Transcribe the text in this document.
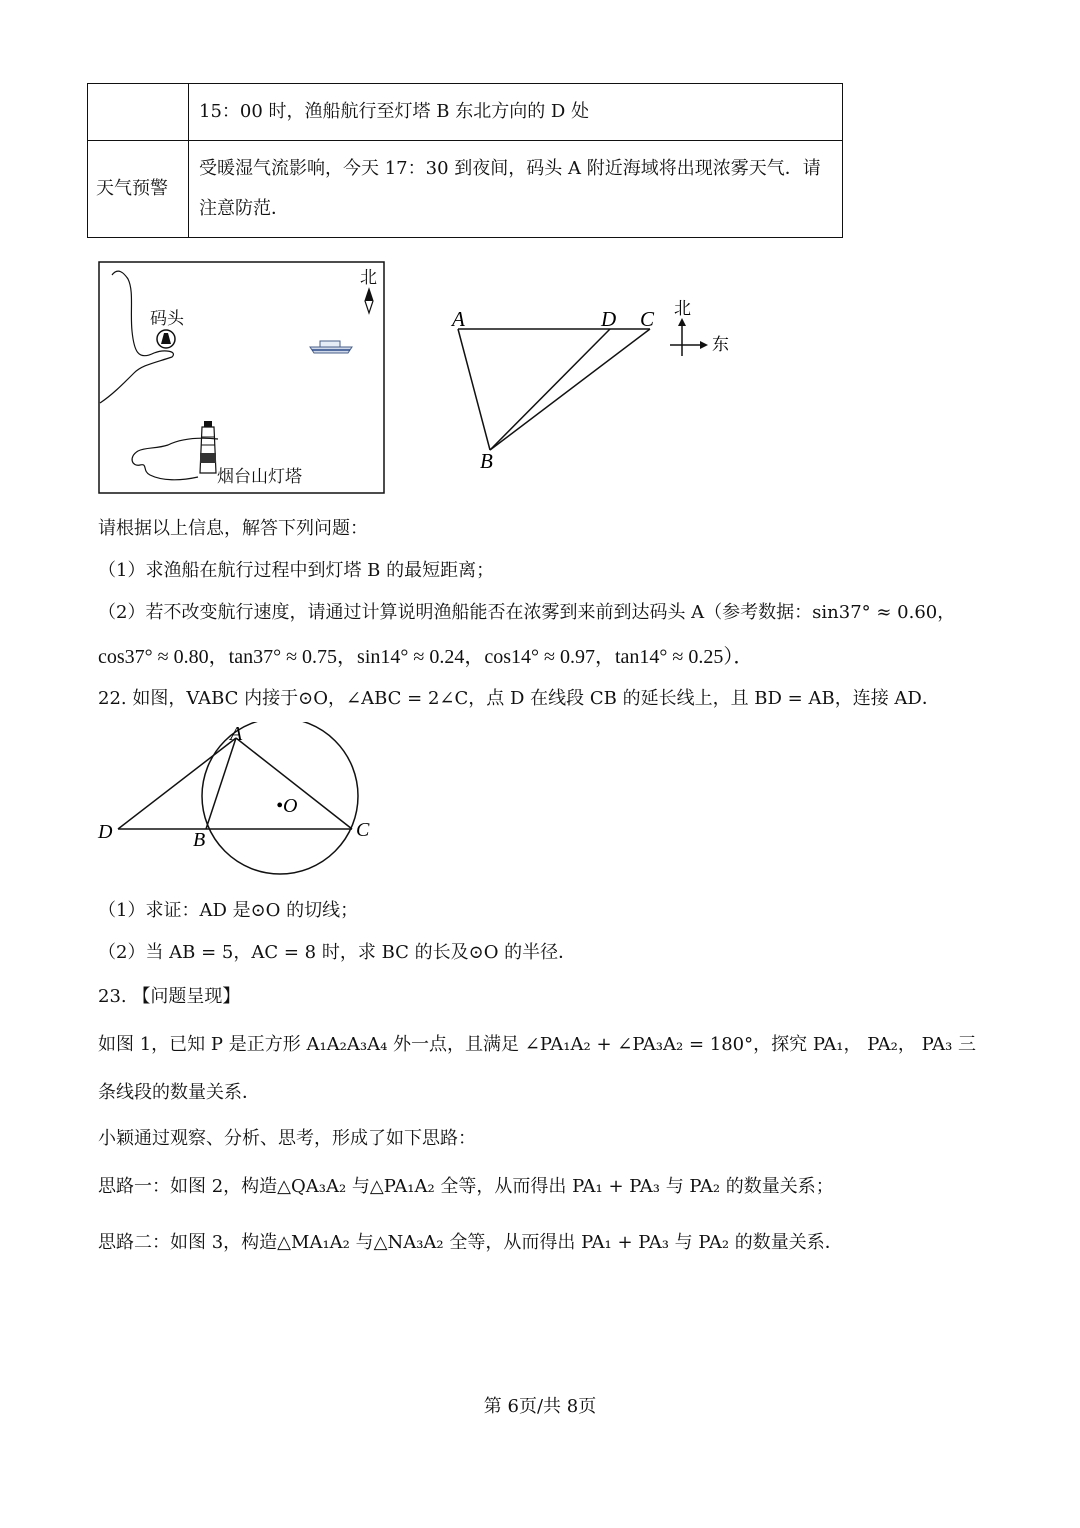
	15：00 时，渔船航行至灯塔 B 东北方向的 D 处
天气预警	受暖湿气流影响，今天 17：30 到夜间，码头 A 附近海域将出现浓雾天气．请注意防范．
码头
北
烟台山灯塔
A	D C
B
北
东
请根据以上信息，解答下列问题：
（1）求渔船在航行过程中到灯塔 B 的最短距离；
（2）若不改变航行速度，请通过计算说明渔船能否在浓雾到来前到达码头 A（参考数据：sin37° ≈ 0.60，
cos37° ≈ 0.80，tan37° ≈ 0.75，sin14° ≈ 0.24，cos14° ≈ 0.97，tan14° ≈ 0.25）．
22. 如图，VABC 内接于⊙O，∠ABC = 2∠C，点 D 在线段 CB 的延长线上，且 BD = AB，连接 AD．
A
B	C
D
•O
（1）求证：AD 是⊙O 的切线；
（2）当 AB = 5，AC = 8 时，求 BC 的长及⊙O 的半径．
23. 【问题呈现】
如图 1，已知 P 是正方形 A₁A₂A₃A₄ 外一点，且满足 ∠PA₁A₂ + ∠PA₃A₂ = 180°，探究 PA₁， PA₂， PA₃ 三
条线段的数量关系．
小颖通过观察、分析、思考，形成了如下思路：
思路一：如图 2，构造△QA₃A₂ 与△PA₁A₂ 全等，从而得出 PA₁ + PA₃ 与 PA₂ 的数量关系；
思路二：如图 3，构造△MA₁A₂ 与△NA₃A₂ 全等，从而得出 PA₁ + PA₃ 与 PA₂ 的数量关系．
第 6页/共 8页
